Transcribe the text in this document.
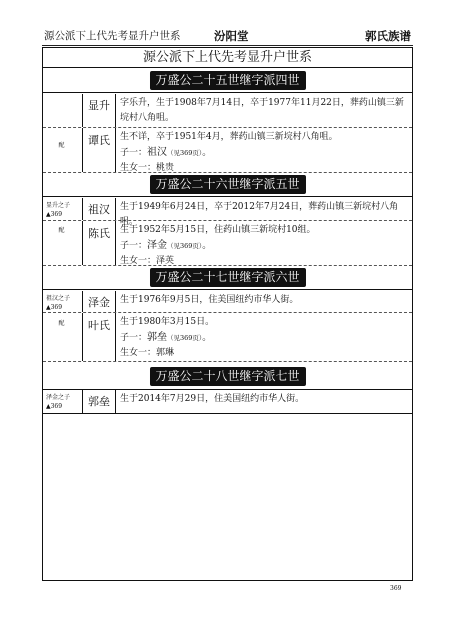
源公派下上代先考显升户世系	汾阳堂	郭氏族谱
源公派下上代先考显升户世系
万盛公二十五世继字派四世
显升	字乐升，生于1908年7月14日，卒于1977年11月22日，葬药山镇三新垸村八角咀。
配	谭氏	生不详，卒于1951年4月，葬药山镇三新垸村八角咀。
子一：祖汉（见369页）。
生女一：桃贵
万盛公二十六世继字派五世
显升之子
▲369	祖汉	生于1949年6月24日，卒于2012年7月24日，葬药山镇三新垸村八角咀。
配	陈氏	生于1952年5月15日，住药山镇三新垸村10组。
子一：泽金（见369页）。
生女一：泽英
万盛公二十七世继字派六世
祖汉之子
▲369	泽金	生于1976年9月5日，住美国纽约市华人街。
配	叶氏	生于1980年3月15日。
子一：郭垒（见369页）。
生女一：郭琳
万盛公二十八世继字派七世
泽金之子
▲369	郭垒	生于2014年7月29日，住美国纽约市华人街。
369
